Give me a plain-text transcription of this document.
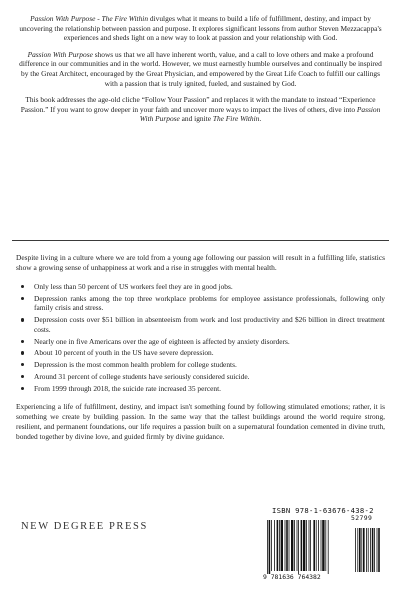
Passion With Purpose - The Fire Within divulges what it means to build a life of fulfillment, destiny, and impact by uncovering the relationship between passion and purpose. It explores significant lessons from author Steven Mezzacappa's experiences and sheds light on a new way to look at passion and your relationship with God.

Passion With Purpose shows us that we all have inherent worth, value, and a call to love others and make a profound difference in our communities and in the world. However, we must earnestly humble ourselves and continually be inspired by the Great Architect, encouraged by the Great Physician, and empowered by the Great Life Coach to fulfill our callings with a passion that is truly ignited, fueled, and sustained by God.

This book addresses the age-old cliche “Follow Your Passion” and replaces it with the mandate to instead “Experience Passion.” If you want to grow deeper in your faith and uncover more ways to impact the lives of others, dive into Passion With Purpose and ignite The Fire Within.

Despite living in a culture where we are told from a young age following our passion will result in a fulfilling life, statistics show a growing sense of unhappiness at work and a rise in struggles with mental health.

Only less than 50 percent of US workers feel they are in good jobs.
Depression ranks among the top three workplace problems for employee assistance professionals, following only family crisis and stress.
Depression costs over $51 billion in absenteeism from work and lost productivity and $26 billion in direct treatment costs.
Nearly one in five Americans over the age of eighteen is affected by anxiety disorders.
About 10 percent of youth in the US have severe depression.
Depression is the most common health problem for college students.
Around 31 percent of college students have seriously considered suicide.
From 1999 through 2018, the suicide rate increased 35 percent.

Experiencing a life of fulfillment, destiny, and impact isn't something found by following stimulated emotions; rather, it is something we create by building passion. In the same way that the tallest buildings around the world require strong, resilient, and permanent foundations, our life requires a passion built on a supernatural foundation cemented in divine truth, bonded together by divine love, and guided firmly by divine guidance.

NEW DEGREE PRESS
ISBN 978-1-63676-438-2
52799
9 781636 764382
